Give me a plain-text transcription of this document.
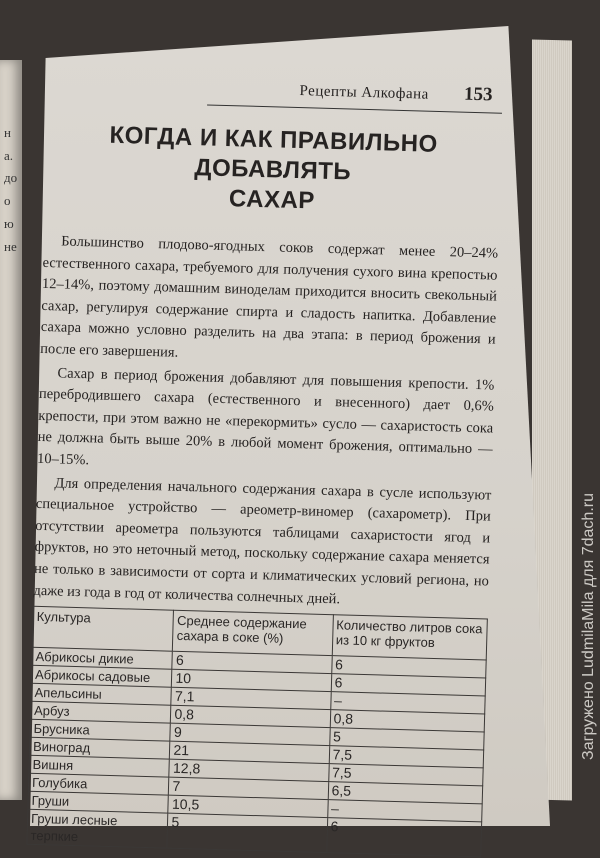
н
а.
до
о
ю
не
Рецепты Алкофана 153
КОГДА И КАК ПРАВИЛЬНО ДОБАВЛЯТЬ
САХАР

Большинство плодово-ягодных соков содержат менее 20–24% естественного сахара, требуемого для получения сухого вина крепостью 12–14%, поэтому домашним виноделам приходится вносить свекольный сахар, регулируя содержание спирта и сладость напитка. Добавление сахара можно условно разделить на два этапа: в период брожения и после его завершения.

Сахар в период брожения добавляют для повышения крепости. 1% перебродившего сахара (естественного и внесенного) дает 0,6% крепости, при этом важно не «перекормить» сусло — сахаристость сока не должна быть выше 20% в любой момент брожения, оптимально — 10–15%.

Для определения начального содержания сахара в сусле используют специальное устройство — ареометр-виномер (сахарометр). При отсутствии ареометра пользуются таблицами сахаристости ягод и фруктов, но это неточный метод, поскольку содержание сахара меняется не только в зависимости от сорта и климатических условий региона, но даже из года в год от количества солнечных дней.

Культура	Среднее содержание сахара в соке (%)	Количество литров сока из 10 кг фруктов
Абрикосы дикие	6	6
Абрикосы садовые	10	6
Апельсины	7,1	–
Арбуз	0,8	0,8
Брусника	9	5
Виноград	21	7,5
Вишня	12,8	7,5
Голубика	7	6,5
Груши	10,5	–
Груши лесные терпкие	5	6
Загружено LudmilaMila для 7dach.ru
